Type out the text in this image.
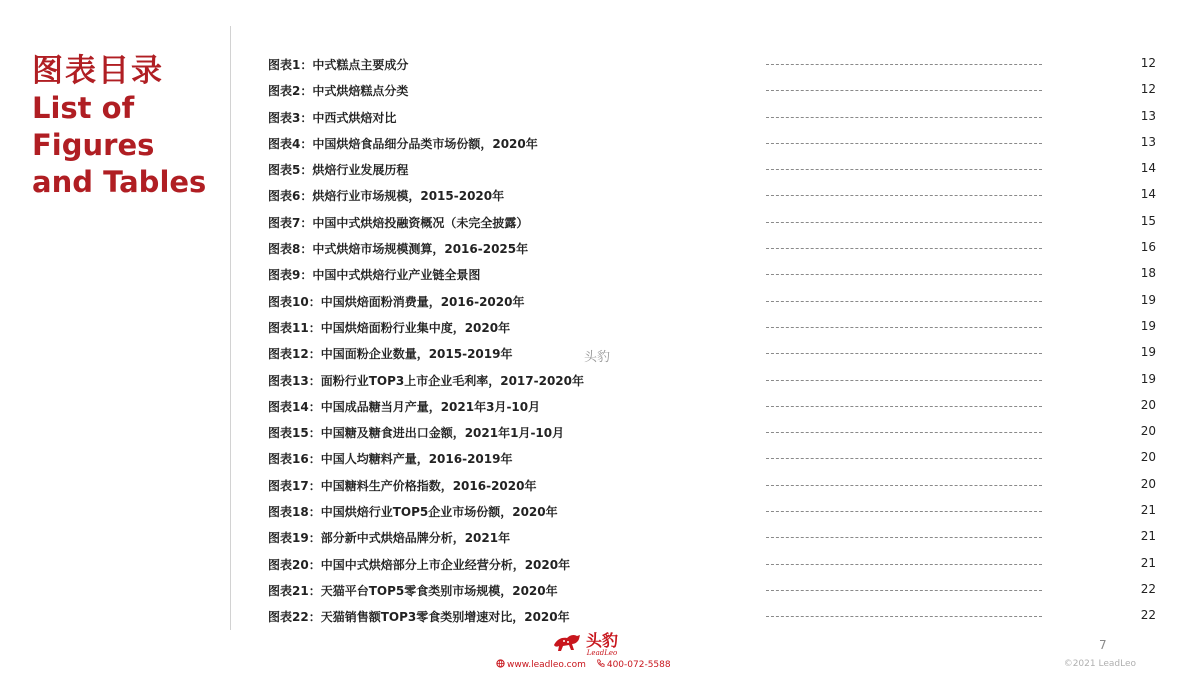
图表目录
List of
Figures
and Tables
图表1：中式糕点主要成分	12
图表2：中式烘焙糕点分类	12
图表3：中西式烘焙对比	13
图表4：中国烘焙食品细分品类市场份额，2020年	13
图表5：烘焙行业发展历程	14
图表6：烘焙行业市场规模，2015-2020年	14
图表7：中国中式烘焙投融资概况（未完全披露）	15
图表8：中式烘焙市场规模测算，2016-2025年	16
图表9：中国中式烘焙行业产业链全景图	18
图表10：中国烘焙面粉消费量，2016-2020年	19
图表11：中国烘焙面粉行业集中度，2020年	19
图表12：中国面粉企业数量，2015-2019年	19
图表13：面粉行业TOP3上市企业毛利率，2017-2020年	19
图表14：中国成品糖当月产量，2021年3月-10月	20
图表15：中国糖及糖食进出口金额，2021年1月-10月	20
图表16：中国人均糖料产量，2016-2019年	20
图表17：中国糖料生产价格指数，2016-2020年	20
图表18：中国烘焙行业TOP5企业市场份额，2020年	21
图表19：部分新中式烘焙品牌分析，2021年	21
图表20：中国中式烘焙部分上市企业经营分析，2020年	21
图表21：天猫平台TOP5零食类别市场规模，2020年	22
图表22：天猫销售额TOP3零食类别增速对比，2020年	22
头豹
头豹
LeadLeo
www.leadleo.com 400-072-5588
7
©2021 LeadLeo
